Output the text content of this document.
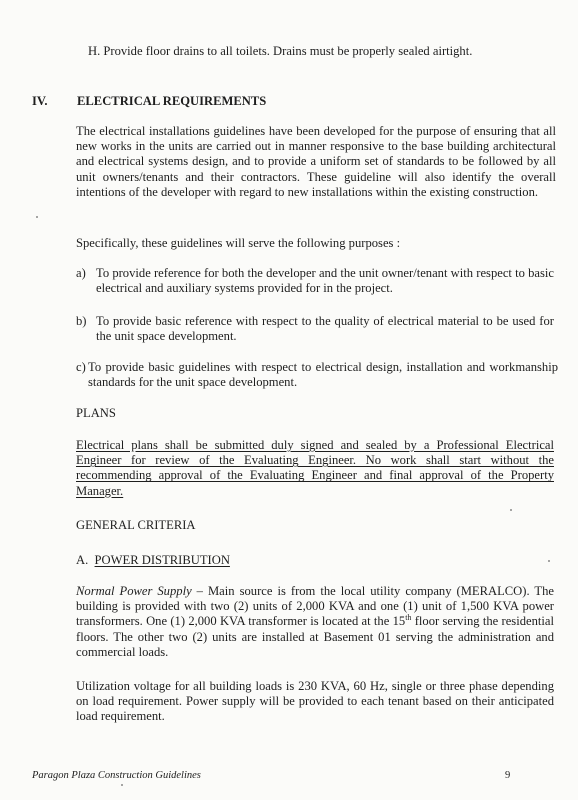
H. Provide floor drains to all toilets. Drains must be properly sealed airtight.

IV. ELECTRICAL REQUIREMENTS

The electrical installations guidelines have been developed for the purpose of ensuring that all new works in the units are carried out in manner responsive to the base building architectural and electrical systems design, and to provide a uniform set of standards to be followed by all unit owners/tenants and their contractors. These guideline will also identify the overall intentions of the developer with regard to new installations within the existing construction.

Specifically, these guidelines will serve the following purposes :

a) To provide reference for both the developer and the unit owner/tenant with respect to basic electrical and auxiliary systems provided for in the project.

b) To provide basic reference with respect to the quality of electrical material to be used for the unit space development.

c) To provide basic guidelines with respect to electrical design, installation and workmanship standards for the unit space development.

PLANS

Electrical plans shall be submitted duly signed and sealed by a Professional Electrical Engineer for review of the Evaluating Engineer. No work shall start without the recommending approval of the Evaluating Engineer and final approval of the Property Manager.

GENERAL CRITERIA
A. POWER DISTRIBUTION

Normal Power Supply – Main source is from the local utility company (MERALCO). The building is provided with two (2) units of 2,000 KVA and one (1) unit of 1,500 KVA power transformers. One (1) 2,000 KVA transformer is located at the 15th floor serving the residential floors. The other two (2) units are installed at Basement 01 serving the administration and commercial loads.

Utilization voltage for all building loads is 230 KVA, 60 Hz, single or three phase depending on load requirement. Power supply will be provided to each tenant based on their anticipated load requirement.

Paragon Plaza Construction Guidelines	9
